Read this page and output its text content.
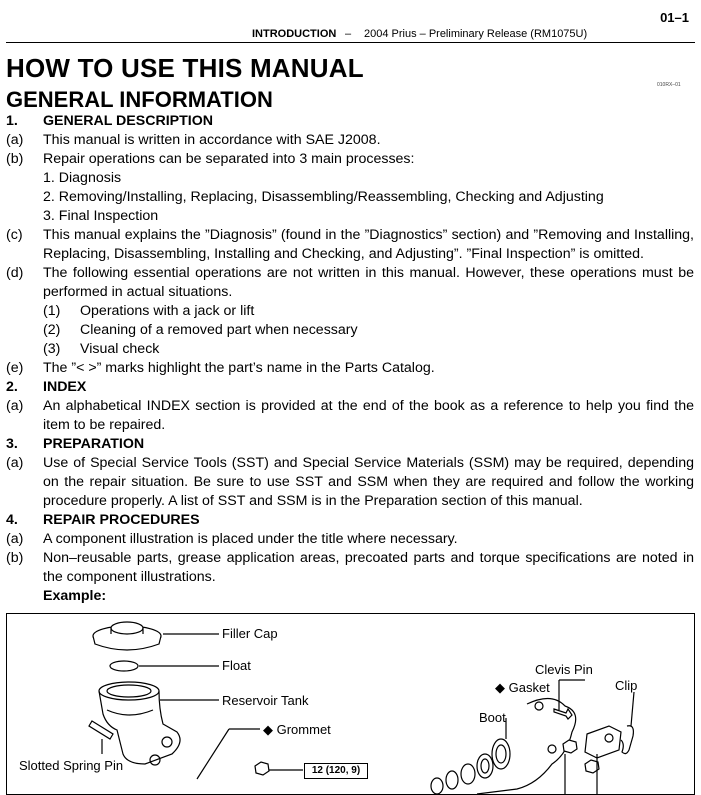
01–1
INTRODUCTION – 2004 Prius – Preliminary Release (RM1075U)
HOW TO USE THIS MANUAL
GENERAL INFORMATION
010RX–01
1.	GENERAL DESCRIPTION
(a)	This manual is written in accordance with SAE J2008.
(b)	Repair operations can be separated into 3 main processes:
1. Diagnosis
2. Removing/Installing, Replacing, Disassembling/Reassembling, Checking and Adjusting
3. Final Inspection
(c)	This manual explains the ”Diagnosis” (found in the ”Diagnostics” section) and ”Removing and Installing, Replacing, Disassembling, Installing and Checking, and Adjusting”. ”Final Inspection” is omitted.
(d)	The following essential operations are not written in this manual. However, these operations must be performed in actual situations.
(1)	Operations with a jack or lift
(2)	Cleaning of a removed part when necessary
(3)	Visual check
(e)	The ”< >” marks highlight the part’s name in the Parts Catalog.
2.	INDEX
(a)	An alphabetical INDEX section is provided at the end of the book as a reference to help you find the item to be repaired.
3.	PREPARATION
(a)	Use of Special Service Tools (SST) and Special Service Materials (SSM) may be required, depending on the repair situation. Be sure to use SST and SSM when they are required and follow the working procedure properly. A list of SST and SSM is in the Preparation section of this manual.
4.	REPAIR PROCEDURES
(a)	A component illustration is placed under the title where necessary.
(b)	Non–reusable parts, grease application areas, precoated parts and torque specifications are noted in the component illustrations.
Example:
Filler Cap
Float
Reservoir Tank
◆ Grommet
Slotted Spring Pin
Clevis Pin
◆ Gasket	Clip
Boot
12 (120, 9)
